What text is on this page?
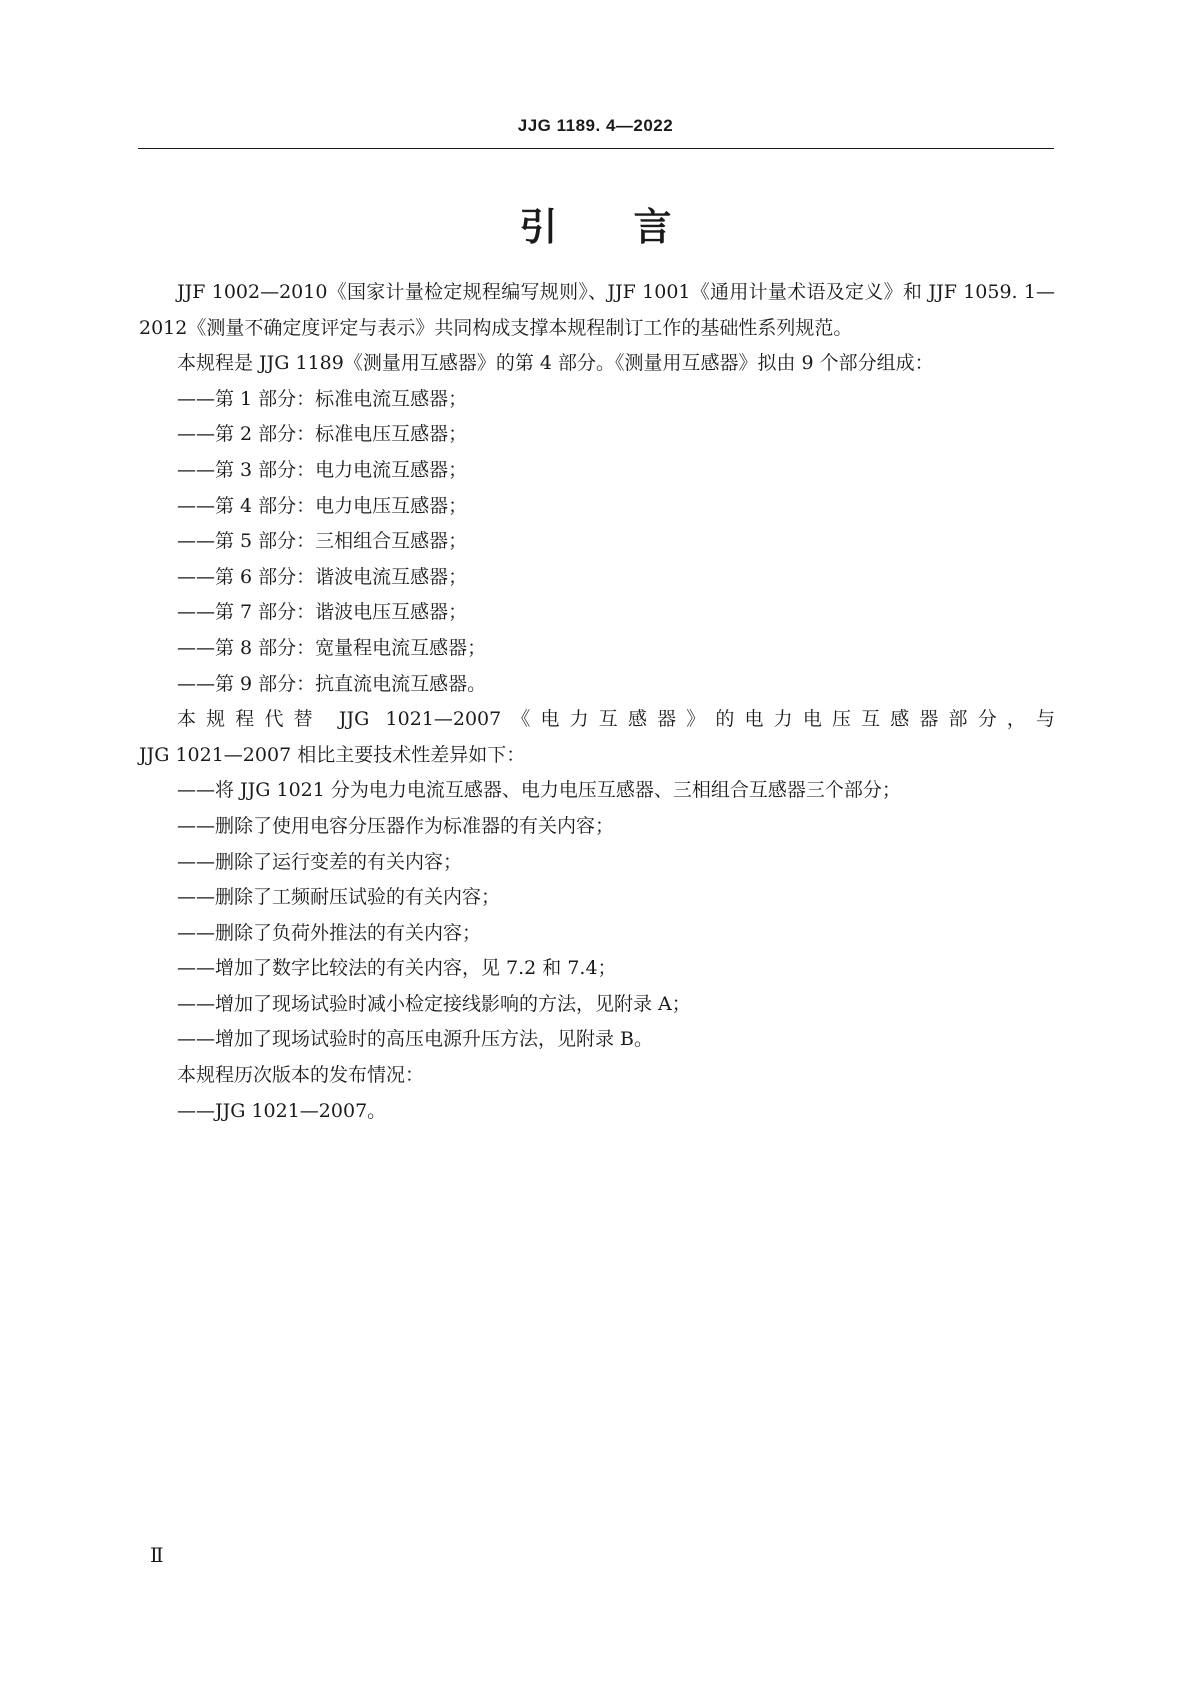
JJG 1189. 4—2022
引 言

JJF 1002—2010《国家计量检定规程编写规则》、JJF 1001《通用计量术语及定义》和 JJF 1059. 1—2012《测量不确定度评定与表示》共同构成支撑本规程制订工作的基础性系列规范。

本规程是 JJG 1189《测量用互感器》的第 4 部分。《测量用互感器》拟由 9 个部分组成：

——第 1 部分：标准电流互感器；
——第 2 部分：标准电压互感器；
——第 3 部分：电力电流互感器；
——第 4 部分：电力电压互感器；
——第 5 部分：三相组合互感器；
——第 6 部分：谐波电流互感器；
——第 7 部分：谐波电压互感器；
——第 8 部分：宽量程电流互感器；
——第 9 部分：抗直流电流互感器。

本规程代替 JJG 1021—2007《电力互感器》的电力电压互感器部分，与

JJG 1021—2007 相比主要技术性差异如下：

——将 JJG 1021 分为电力电流互感器、电力电压互感器、三相组合互感器三个部分；
——删除了使用电容分压器作为标准器的有关内容；
——删除了运行变差的有关内容；
——删除了工频耐压试验的有关内容；
——删除了负荷外推法的有关内容；
——增加了数字比较法的有关内容，见 7.2 和 7.4；
——增加了现场试验时减小检定接线影响的方法，见附录 A；
——增加了现场试验时的高压电源升压方法，见附录 B。

本规程历次版本的发布情况：

——JJG 1021—2007。
Ⅱ
